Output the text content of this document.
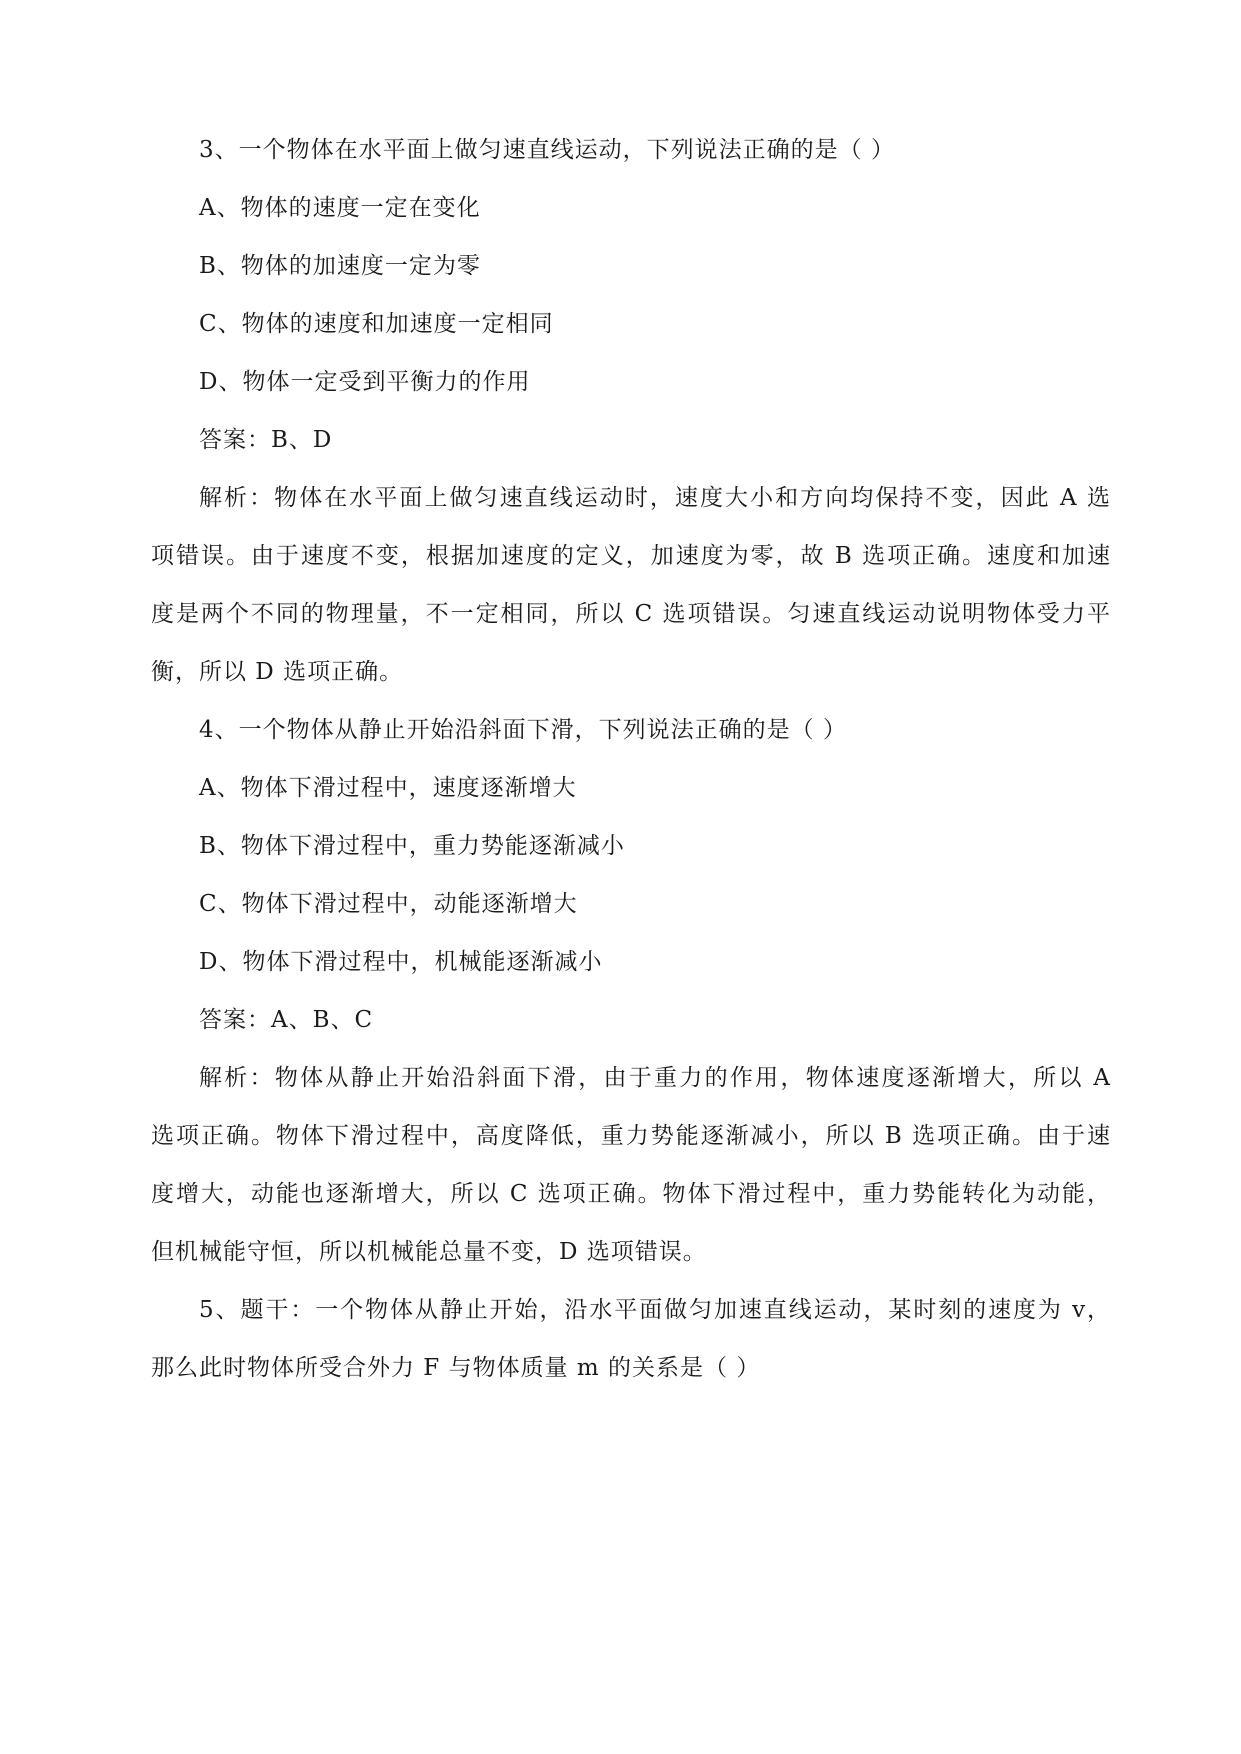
3、一个物体在水平面上做匀速直线运动，下列说法正确的是（ ）
A、物体的速度一定在变化
B、物体的加速度一定为零
C、物体的速度和加速度一定相同
D、物体一定受到平衡力的作用
答案：B、D
解析：物体在水平面上做匀速直线运动时，速度大小和方向均保持不变，因此 A 选
项错误。由于速度不变，根据加速度的定义，加速度为零，故 B 选项正确。速度和加速
度是两个不同的物理量，不一定相同，所以 C 选项错误。匀速直线运动说明物体受力平
衡，所以 D 选项正确。
4、一个物体从静止开始沿斜面下滑，下列说法正确的是（ ）
A、物体下滑过程中，速度逐渐增大
B、物体下滑过程中，重力势能逐渐减小
C、物体下滑过程中，动能逐渐增大
D、物体下滑过程中，机械能逐渐减小
答案：A、B、C
解析：物体从静止开始沿斜面下滑，由于重力的作用，物体速度逐渐增大，所以 A
选项正确。物体下滑过程中，高度降低，重力势能逐渐减小，所以 B 选项正确。由于速
度增大，动能也逐渐增大，所以 C 选项正确。物体下滑过程中，重力势能转化为动能，
但机械能守恒，所以机械能总量不变，D 选项错误。
5、题干：一个物体从静止开始，沿水平面做匀加速直线运动，某时刻的速度为 v，
那么此时物体所受合外力 F 与物体质量 m 的关系是（ ）
